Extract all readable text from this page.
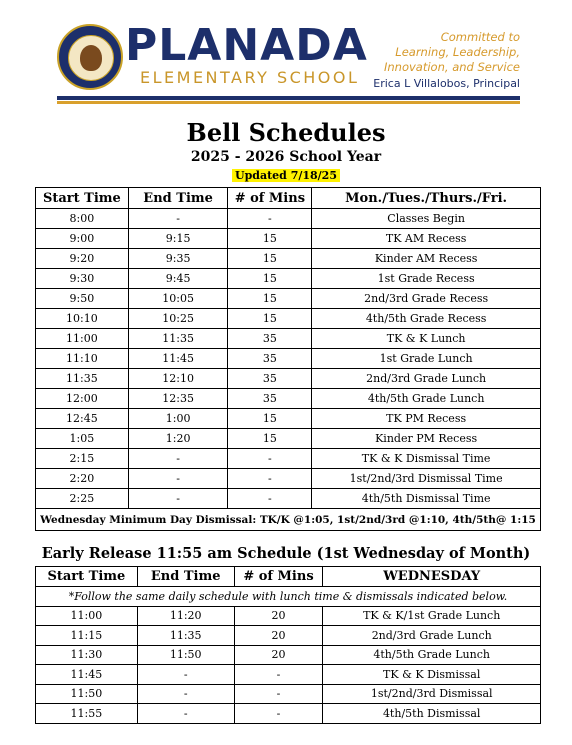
PLANADA
ELEMENTARY SCHOOL
Committed to
Learning, Leadership,
Innovation, and Service
Erica L Villalobos, Principal
Bell Schedules
2025 - 2026 School Year
Updated 7/18/25
Start Time	End Time	# of Mins	Mon./Tues./Thurs./Fri.
8:00	-	-	Classes Begin
9:00	9:15	15	TK AM Recess
9:20	9:35	15	Kinder AM Recess
9:30	9:45	15	1st Grade Recess
9:50	10:05	15	2nd/3rd Grade Recess
10:10	10:25	15	4th/5th Grade Recess
11:00	11:35	35	TK & K Lunch
11:10	11:45	35	1st Grade Lunch
11:35	12:10	35	2nd/3rd Grade Lunch
12:00	12:35	35	4th/5th Grade Lunch
12:45	1:00	15	TK PM Recess
1:05	1:20	15	Kinder PM Recess
2:15	-	-	TK & K Dismissal Time
2:20	-	-	1st/2nd/3rd Dismissal Time
2:25	-	-	4th/5th Dismissal Time
Wednesday Minimum Day Dismissal: TK/K @1:05, 1st/2nd/3rd @1:10, 4th/5th@ 1:15			
Early Release 11:55 am Schedule (1st Wednesday of Month)
Start Time	End Time	# of Mins	WEDNESDAY
*Follow the same daily schedule with lunch time & dismissals indicated below.			
11:00	11:20	20	TK & K/1st Grade Lunch
11:15	11:35	20	2nd/3rd Grade Lunch
11:30	11:50	20	4th/5th Grade Lunch
11:45	-	-	TK & K Dismissal
11:50	-	-	1st/2nd/3rd Dismissal
11:55	-	-	4th/5th Dismissal
